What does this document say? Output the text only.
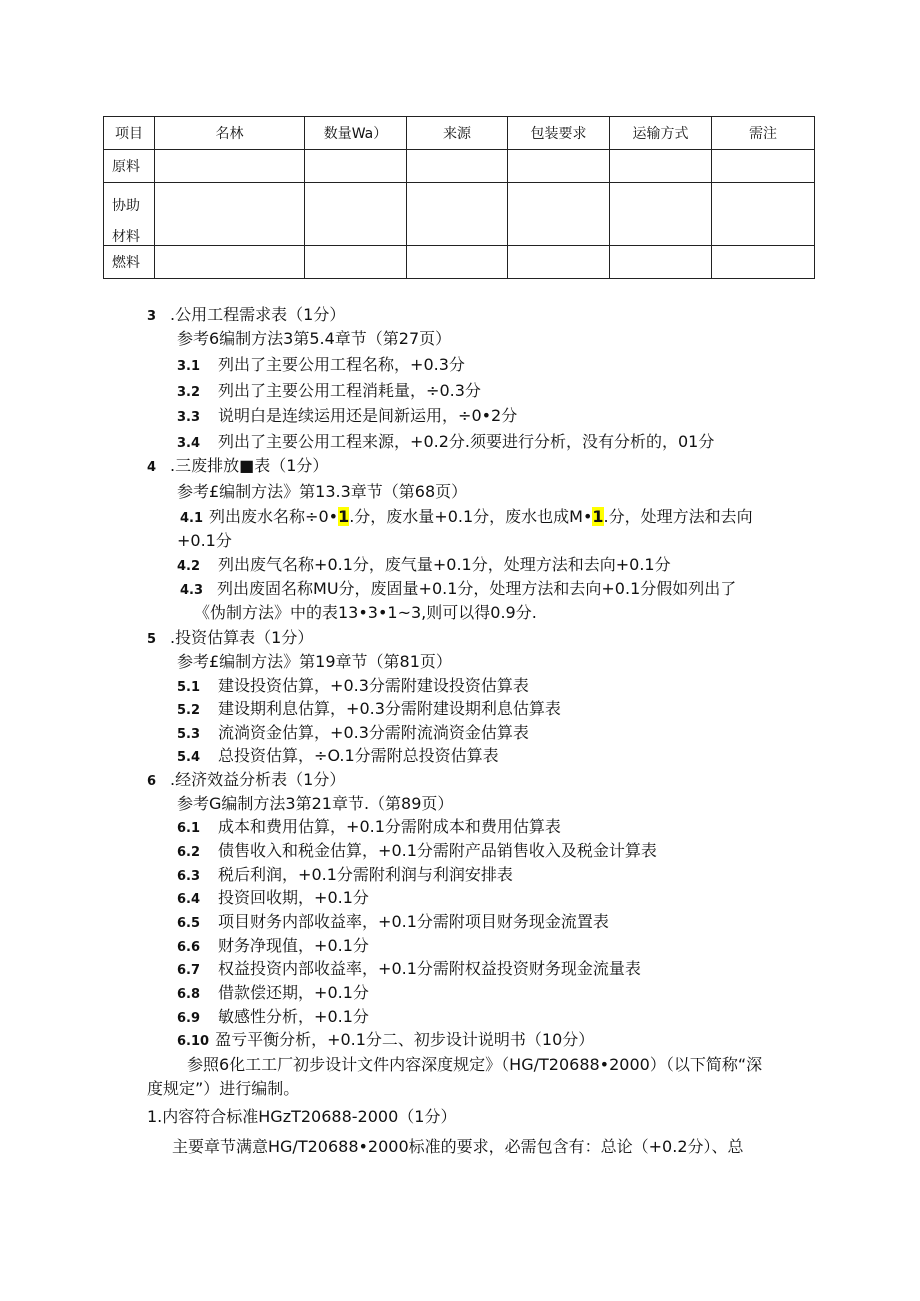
项目	名林	数量Wa）	来源	包装要求	运输方式	需注
原料						

协助
材料						

燃料						
3 .公用工程需求表（1分）
参考6编制方法3第5.4章节（第27页）
3.1 列出了主要公用工程名称，+0.3分
3.2 列出了主要公用工程消耗量，÷0.3分
3.3 说明白是连续运用还是间新运用，÷0•2分
3.4 列出了主要公用工程来源，+0.2分.须要进行分析，没有分析的，01分
4 .三废排放■表（1分）
参考£编制方法》第13.3章节（第68页）
4.1 列出废水名称÷0•1.分，废水量+0.1分，废水也成M•1.分，处理方法和去向
+0.1分
4.2 列出废气名称+0.1分，废气量+0.1分，处理方法和去向+0.1分
4.3 列出废固名称MU分，废固量+0.1分，处理方法和去向+0.1分假如列出了
《伪制方法》中的表13•3•1~3,则可以得0.9分.
5 .投资估算表（1分）
参考£编制方法》第19章节（第81页）
5.1 建设投资估算，+0.3分需附建设投资估算表
5.2 建设期利息估算，+0.3分需附建设期利息估算表
5.3 流淌资金估算，+0.3分需附流淌资金估算表
5.4 总投资估算，÷O.1分需附总投资估算表
6 .经济效益分析表（1分）
参考G编制方法3第21章节.（第89页）
6.1 成本和费用估算，+0.1分需附成本和费用估算表
6.2 债售收入和税金估算，+0.1分需附产品销售收入及税金计算表
6.3 税后利润，+0.1分需附利润与利润安排表
6.4 投资回收期，+0.1分
6.5 项目财务内部收益率，+0.1分需附项目财务现金流置表
6.6 财务净现值，+0.1分
6.7 权益投资内部收益率，+0.1分需附权益投资财务现金流量表
6.8 借款偿还期，+0.1分
6.9 敏感性分析，+0.1分
6.10 盈亏平衡分析，+0.1分二、初步设计说明书（10分）
参照6化工工厂初步设计文件内容深度规定》（HG/T20688•2000）（以下简称“深
度规定”）进行编制。
1.内容符合标准HGzT20688-2000（1分）
主要章节满意HG/T20688•2000标准的要求，必需包含有：总论（+0.2分）、总
